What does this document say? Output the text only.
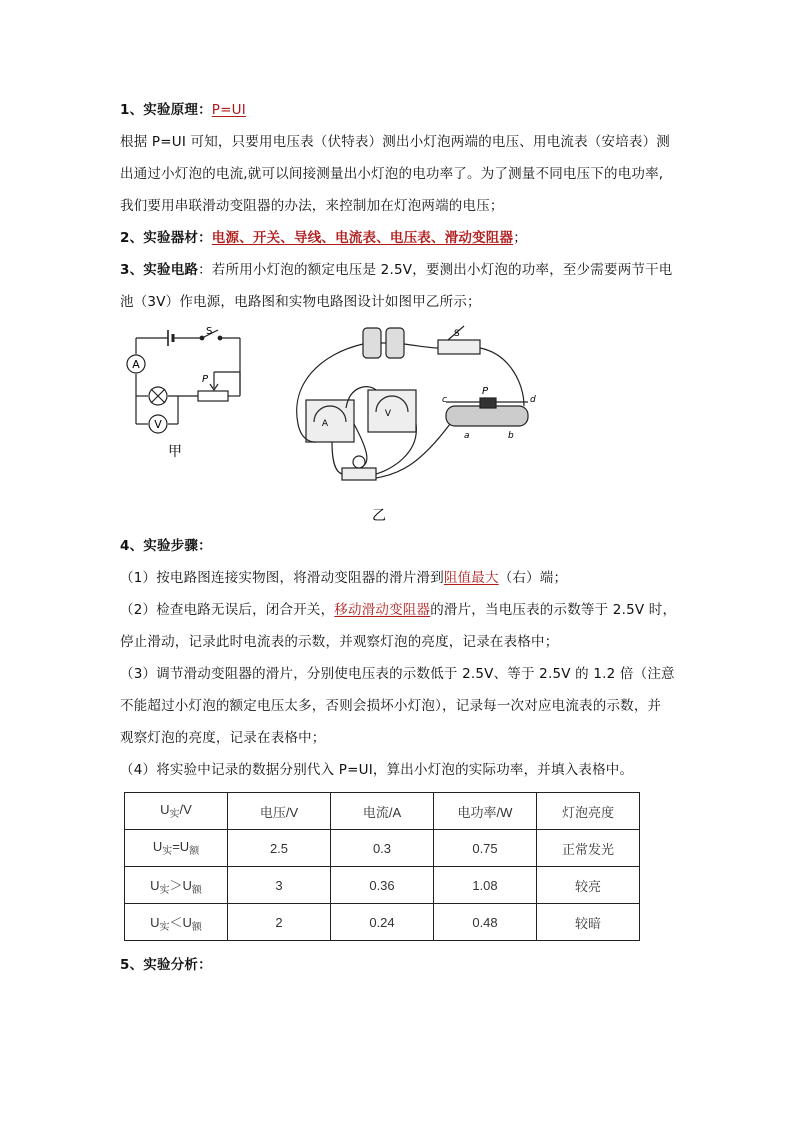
1、实验原理：P=UI
根据 P=UI 可知，只要用电压表（伏特表）测出小灯泡两端的电压、用电流表（安培表）测
出通过小灯泡的电流,就可以间接测量出小灯泡的电功率了。为了测量不同电压下的电功率,
我们要用串联滑动变阻器的办法，来控制加在灯泡两端的电压；
2、实验器材：电源、开关、导线、电流表、电压表、滑动变阻器；
3、实验电路：若所用小灯泡的额定电压是 2.5V，要测出小灯泡的功率，至少需要两节干电
池（3V）作电源，电路图和实物电路图设计如图甲乙所示；
A
V
S
P
甲
A
V
S
P
c	d
a	b
乙
4、实验步骤：
（1）按电路图连接实物图，将滑动变阻器的滑片滑到阻值最大（右）端；
（2）检查电路无误后，闭合开关，移动滑动变阻器的滑片，当电压表的示数等于 2.5V 时，
停止滑动，记录此时电流表的示数，并观察灯泡的亮度，记录在表格中；
（3）调节滑动变阻器的滑片，分别使电压表的示数低于 2.5V、等于 2.5V 的 1.2 倍（注意
不能超过小灯泡的额定电压太多，否则会损坏小灯泡），记录每一次对应电流表的示数，并
观察灯泡的亮度，记录在表格中；
（4）将实验中记录的数据分别代入 P=UI，算出小灯泡的实际功率，并填入表格中。
$U_实/V$	电压/V	电流/A	电功率/W	灯泡亮度
$U_实=U_额$	2.5	0.3	0.75	正常发光
$U_实>U_额$	3	0.36	1.08	较亮
$U_实<U_额$	2	0.24	0.48	较暗
5、实验分析：
